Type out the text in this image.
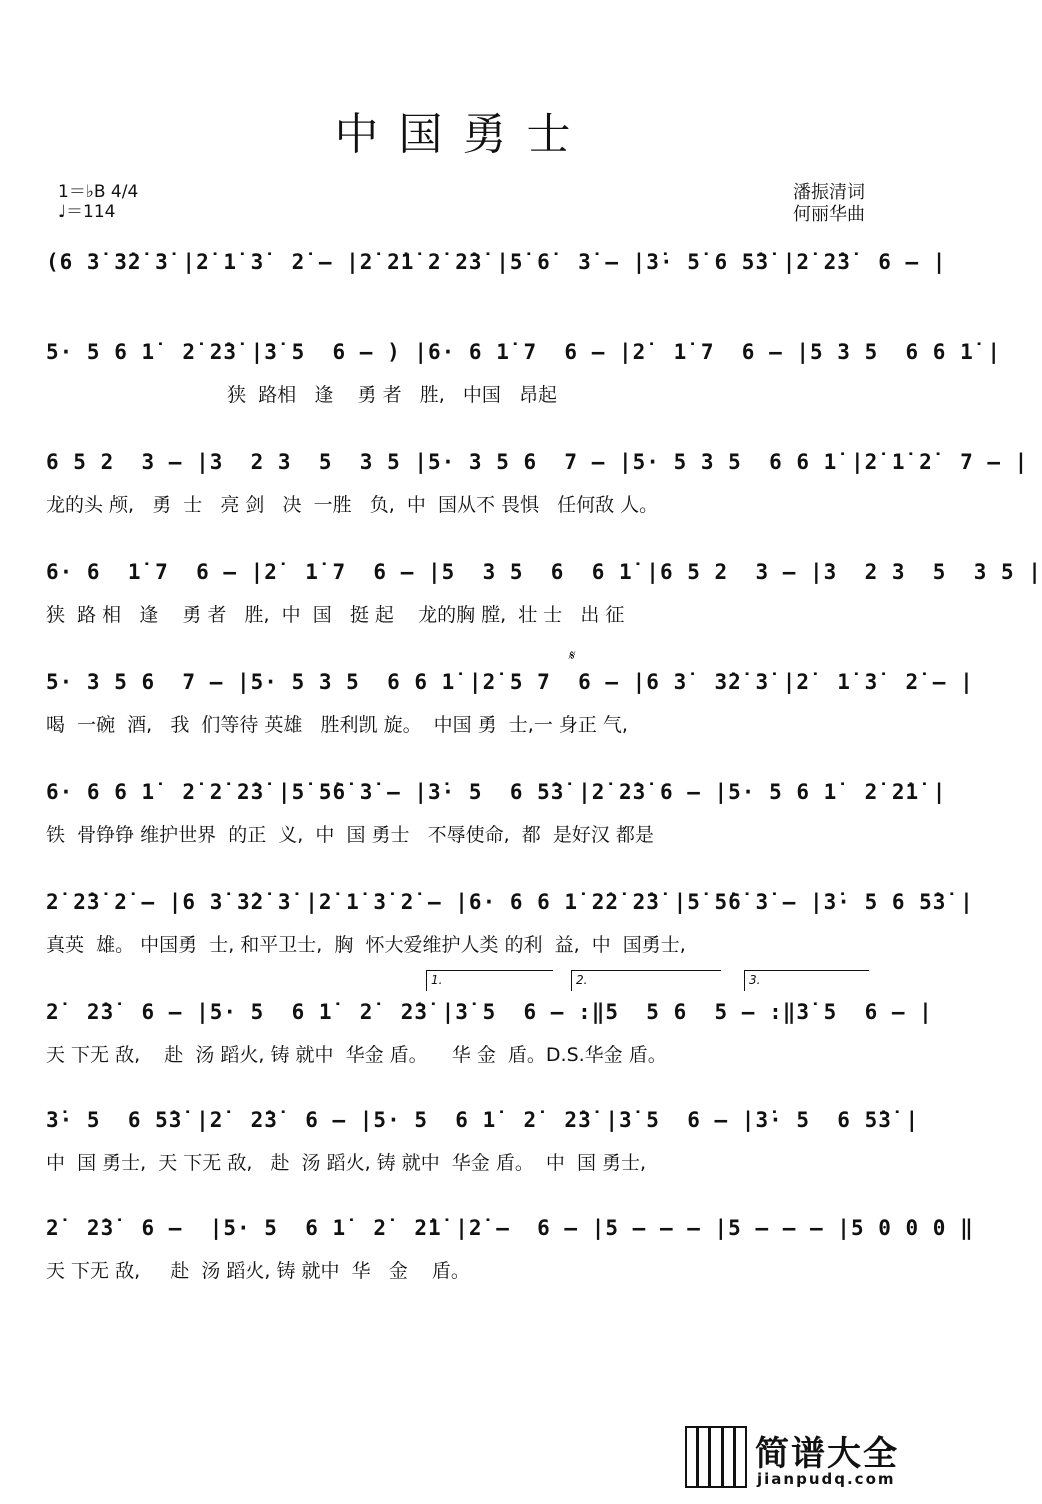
中国勇士
1＝♭B 4/4
♩＝114
潘振清词
何丽华曲
(6 3̇ 3̇2̇ 3̇ |2̇ 1̇ 3̇  2̇ – |2̇ 2̇1̇ 2̇ 2̇3̇ |5̇ 6̇  3̇ – |3̇· 5̇ 6 5̇3̇ |2̇ 2̇3̇  6 – |
5· 5 6 1̇  2̇ 2̇3̇ |3̇ 5  6 – ) |6· 6 1̇ 7  6 – |2̇  1̇ 7  6 – |5 3 5  6 6 1̇ |
狭  路相   逢    勇 者   胜,   中国   昂起
6 5 2  3 – |3  2 3  5  3 5 |5· 3 5 6  7 – |5· 5 3 5  6 6 1̇ |2̇ 1̇ 2̇  7 – |
龙的头 颅,   勇  士   亮 剑   决  一胜   负,  中  国从不 畏惧   任何敌 人。
6· 6  1̇ 7  6 – |2̇  1̇ 7  6 – |5  3 5  6  6 1̇ |6 5 2  3 – |3  2 3  5  3 5 |
狭  路 相   逢    勇 者   胜,  中  国   挺 起    龙的胸 膛,  壮 士   出 征
5· 3 5 6  7 – |5· 5 3 5  6 6 1̇ |2̇ 5 7  6 – |6 3̇  3̇2̇ 3̇ |2̇  1̇ 3̇  2̇ – |
喝  一碗  酒,   我  们等待 英雄   胜利凯 旋。  中国 勇  士,一 身正 气,
𝄋
6· 6 6 1̇  2̇ 2̇ 2̇3̇ |5̇ 5̇6̇ 3̇ – |3̇· 5  6 5̇3̇ |2̇ 2̇3̇ 6 – |5· 5 6 1̇  2̇ 2̇1̇ |
铁  骨铮铮 维护世界  的正  义,  中  国 勇士   不辱使命,  都  是好汉 都是
2̇ 2̇3̇ 2̇ – |6 3̇ 3̇2̇ 3̇ |2̇ 1̇ 3̇ 2̇ – |6· 6 6 1̇ 2̇2̇ 2̇3̇ |5̇ 5̇6̇ 3̇ – |3̇· 5 6 5̇3̇ |
真英  雄。 中国勇  士, 和平卫士,  胸  怀大爱维护人类 的利  益,  中  国勇士,
2̇  2̇3̇  6 – |5· 5  6 1̇  2̇  2̇3̇ |3̇ 5  6 – :‖5  5 6  5 – :‖3̇ 5  6 – |
天 下无 敌,    赴  汤 蹈火, 铸 就中  华金 盾。    华 金  盾。D.S.华金 盾。
1.	2.	3.
3̇· 5  6 5̇3̇ |2̇  2̇3̇  6 – |5· 5  6 1̇  2̇  2̇3̇ |3̇ 5  6 – |3̇· 5  6 5̇3̇ |
中  国 勇士,  天 下无 敌,   赴  汤 蹈火, 铸 就中  华金 盾。  中  国 勇士,
2̇  2̇3̇  6 –  |5· 5  6 1̇  2̇  2̇1̇ |2̇ –  6 – |5 – – – |5 – – – |5 0 0 0 ‖
天 下无 敌,     赴  汤 蹈火, 铸 就中  华   金    盾。
简谱大全
jianpudq.com
